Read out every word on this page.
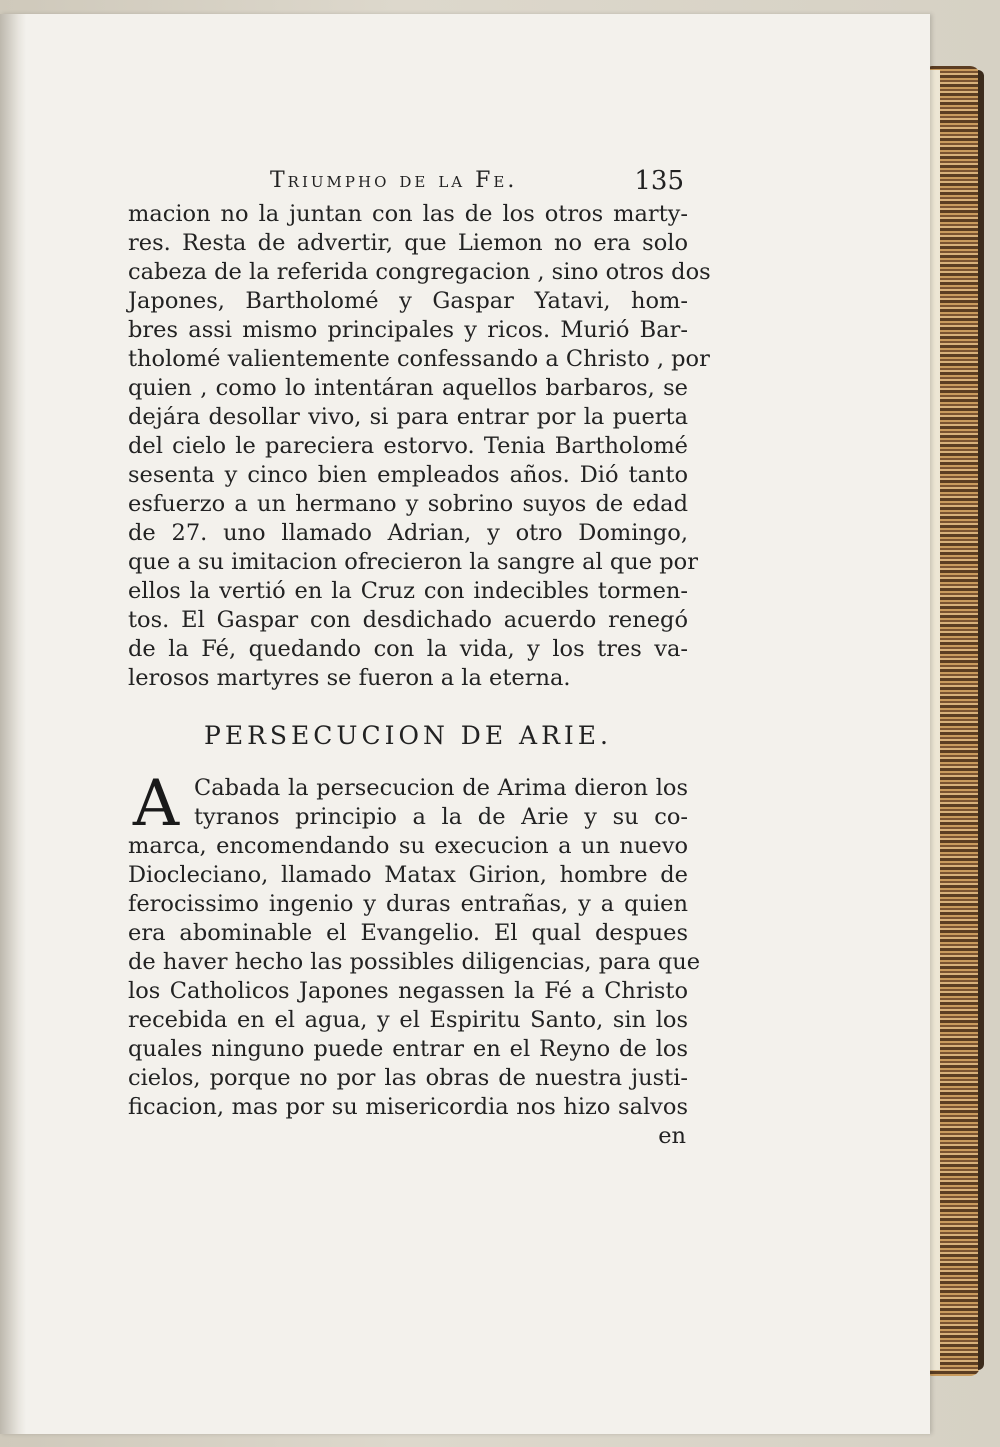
Triumpho de la Fe.	135
macion no la juntan con las de los otros marty-
res. Resta de advertir, que Liemon no era solo
cabeza de la referida congregacion , sino otros dos
Japones, Bartholomé y Gaspar Yatavi, hom-
bres assi mismo principales y ricos. Murió Bar-
tholomé valientemente confessando a Christo , por
quien , como lo intentáran aquellos barbaros, se
dejára desollar vivo, si para entrar por la puerta
del cielo le pareciera estorvo. Tenia Bartholomé
sesenta y cinco bien empleados años. Dió tanto
esfuerzo a un hermano y sobrino suyos de edad
de 27. uno llamado Adrian, y otro Domingo,
que a su imitacion ofrecieron la sangre al que por
ellos la vertió en la Cruz con indecibles tormen-
tos. El Gaspar con desdichado acuerdo renegó
de la Fé, quedando con la vida, y los tres va-
lerosos martyres se fueron a la eterna.
PERSECUCION DE ARIE.
A Cabada la persecucion de Arima dieron los
tyranos principio a la de Arie y su co-
marca, encomendando su execucion a un nuevo
Diocleciano, llamado Matax Girion, hombre de
ferocissimo ingenio y duras entrañas, y a quien
era abominable el Evangelio. El qual despues
de haver hecho las possibles diligencias, para que
los Catholicos Japones negassen la Fé a Christo
recebida en el agua, y el Espiritu Santo, sin los
quales ninguno puede entrar en el Reyno de los
cielos, porque no por las obras de nuestra justi-
ficacion, mas por su misericordia nos hizo salvos
en
